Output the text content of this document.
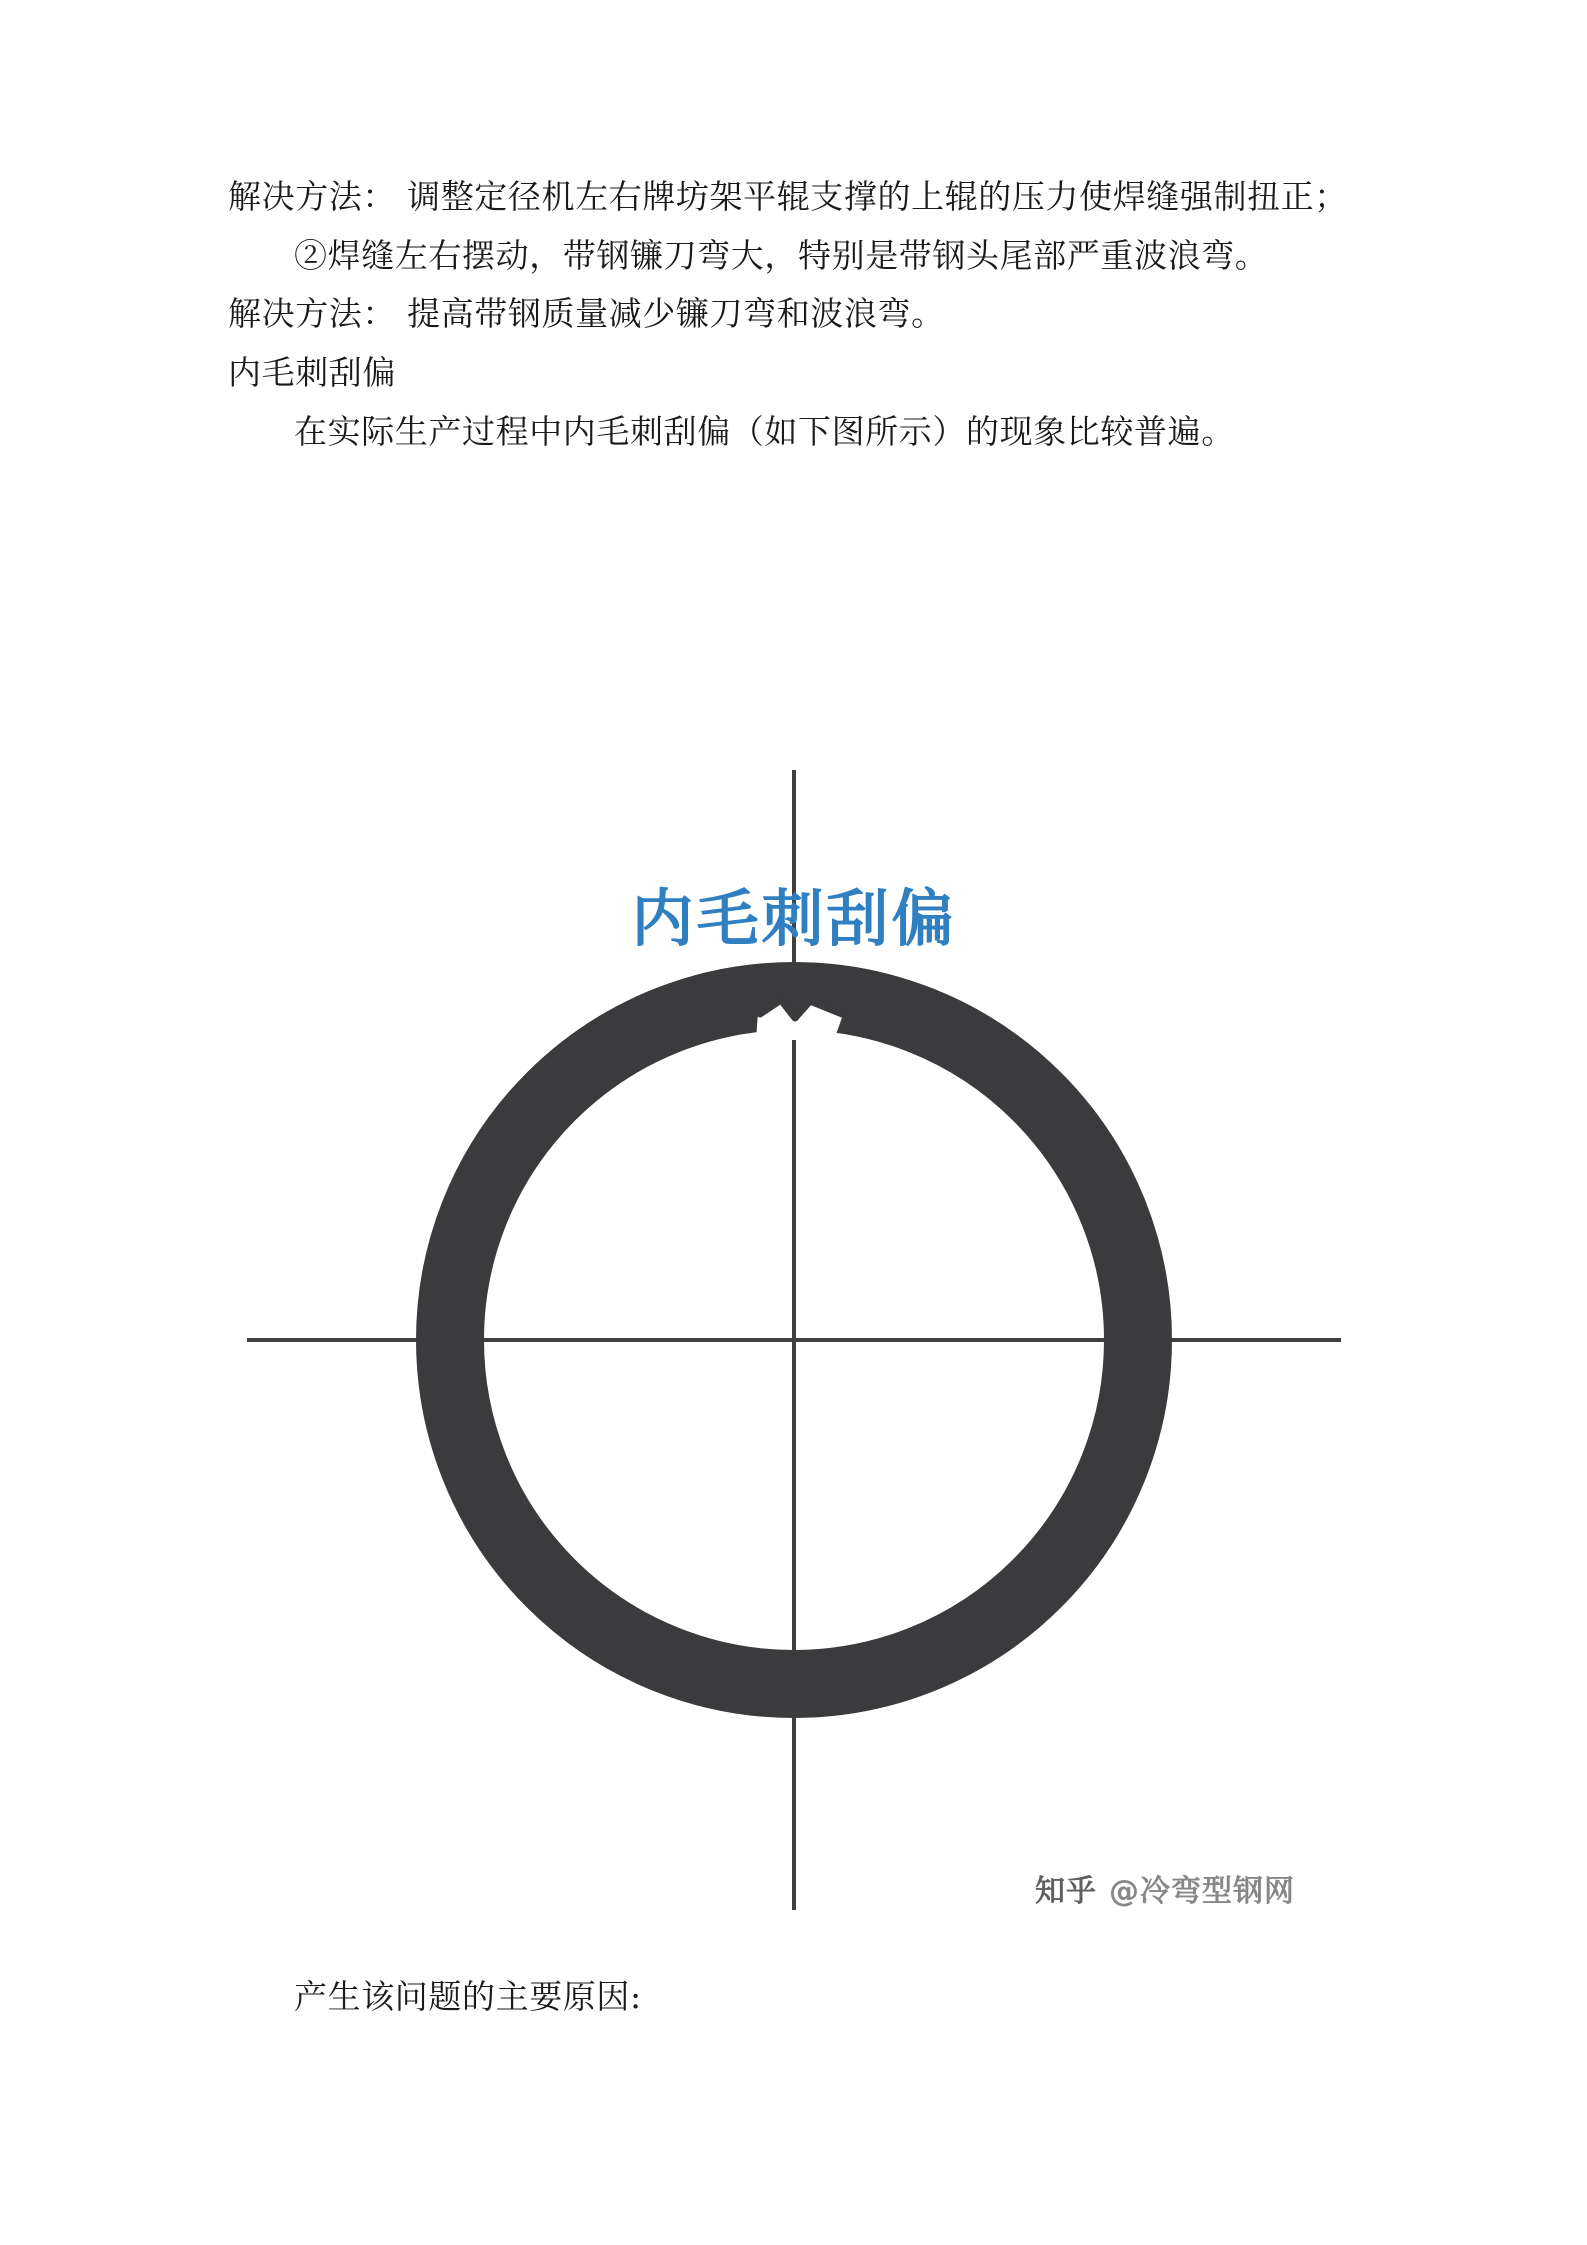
解决方法： 调整定径机左右牌坊架平辊支撑的上辊的压力使焊缝强制扭正；

②焊缝左右摆动，带钢镰刀弯大，特别是带钢头尾部严重波浪弯。

解决方法： 提高带钢质量减少镰刀弯和波浪弯。

内毛刺刮偏

在实际生产过程中内毛刺刮偏（如下图所示）的现象比较普遍。

内毛刺刮偏
知乎 @冷弯型钢网

产生该问题的主要原因:
